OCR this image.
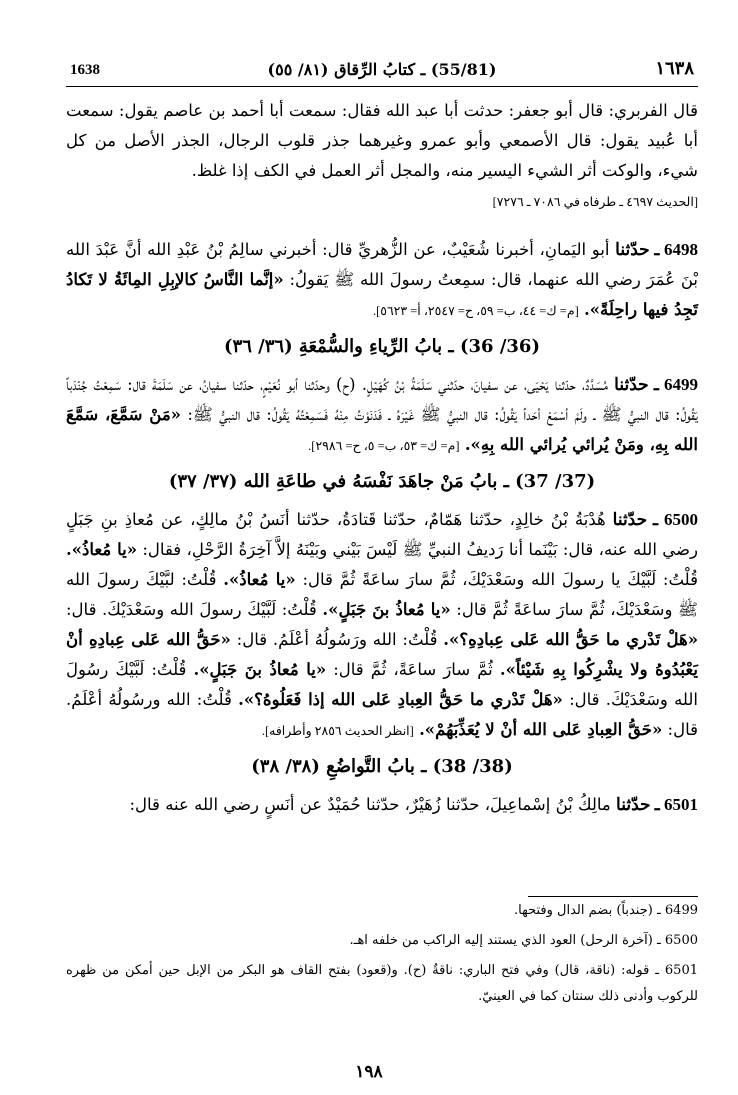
1638	(55/81) ـ كتابُ الرِّقاق (٨١/ ٥٥)	١٦٣٨

قال الفربري: قال أبو جعفر: حدثت أبا عبد الله فقال: سمعت أبا أحمد بن عاصم يقول: سمعت أبا عُبيد يقول: قال الأصمعي وأبو عمرو وغيرهما جذر قلوب الرجال، الجذر الأصل من كل شيء، والوكت أثر الشيء اليسير منه، والمجل أثر العمل في الكف إذا غلظ.
[الحديث ٤٦٩٧ ـ طرفاه في ٧٠٨٦ ـ ٧٢٧٦]

6498 ـ حدّثنا أبو اليَمانِ، أخبرنا شُعَيْبٌ، عن الزُّهريِّ قال: أخبرني سالِمُ بْنُ عَبْدِ الله أنَّ عَبْدَ الله بْنَ عُمَرَ رضي الله عنهما، قال: سمِعتُ رسولَ الله ﷺ يَقولُ: «إنَّما النَّاسُ كالإبِلِ المِائَةُ لا تَكادُ تَجِدُ فيها راحِلَةً». [م= ك= ٤٤، ب= ٥٩، ح= ٢٥٤٧، أ= ٥٦٢٣].

(36/ 36) ـ بابُ الرِّياءِ والسُّمْعَةِ (٣٦/ ٣٦)

6499 ـ حدّثنا مُسَدَّدٌ، حدّثنا يَحْيَى، عن سفيانَ، حدّثني سَلَمَةُ بْنُ كُهَيْلٍ. (ح) وحدّثنا أبو نُعَيْمٍ، حدّثنا سفيانُ، عن سَلَمَةَ قال: سَمِعْتُ جُنْدَباً يَقُولُ: قال النبيُّ ﷺ ـ ولَمْ أسْمَعْ أحَداً يَقُولُ: قال النبيُّ ﷺ غَيْرَهُ ـ فَدَنَوْتُ مِنْهُ فَسَمِعْتُهُ يَقُولُ: قال النبيُّ ﷺ: «مَنْ سَمَّعَ، سَمَّعَ الله بِهِ، ومَنْ يُرائي يُرائي الله بِهِ». [م= ك= ٥٣، ب= ٥، ح= ٢٩٨٦].

(37/ 37) ـ بابُ مَنْ جاهَدَ نَفْسَهُ في طاعَةِ الله (٣٧/ ٣٧)

6500 ـ حدّثنا هُدْبَةُ بْنُ خالِدٍ، حدّثنا هَمّامٌ، حدّثنا قَتادَةُ، حدّثنا أنَسُ بْنُ مالِكٍ، عن مُعاذِ بنِ جَبَلٍ رضي الله عنه، قال: بَيْنَما أنا رَديفُ النبيِّ ﷺ لَيْسَ بَيْني وبَيْنَهُ إلاَّ آخِرَةُ الرَّحْلِ، فقال: «يا مُعاذُ». قُلْتُ: لَبَّيْكَ يا رسولَ الله وسَعْدَيْكَ، ثُمَّ سارَ ساعَةً ثُمَّ قال: «يا مُعاذُ». قُلْتُ: لبَّيْكَ رسولَ الله ﷺ وسَعْدَيْكَ، ثُمَّ سارَ ساعَةً ثُمَّ قال: «يا مُعاذُ بنَ جَبَلٍ». قُلْتُ: لَبَّيْكَ رسولَ الله وسَعْدَيْكَ. قال: «هَلْ تَدْري ما حَقُّ الله عَلى عِبادِهِ؟». قُلْتُ: الله ورَسُولُهُ أعْلَمُ. قال: «حَقُّ الله عَلى عِبادِهِ أنْ يَعْبُدُوهُ ولا يشْرِكُوا بِهِ شَيْئاً». ثُمَّ سارَ ساعَةً، ثُمَّ قال: «يا مُعاذُ بنَ جَبَلٍ». قُلْتُ: لَبَّيْكَ رسُولَ الله وسَعْدَيْكَ. قال: «هَلْ تَدْري ما حَقُّ العِبادِ عَلى الله إذا فَعَلُوهُ؟». قُلْتُ: الله ورسُولُهُ أعْلَمُ. قال: «حَقُّ العِبادِ عَلى الله أنْ لا يُعَذِّبَهُمْ». [انظر الحديث ٢٨٥٦ وأطرافه].

(38/ 38) ـ بابُ التَّواضُعِ (٣٨/ ٣٨)

6501 ـ حدّثنا مالِكُ بْنُ إسْماعِيلَ، حدّثنا زُهَيْرٌ، حدّثنا حُمَيْدٌ عن أنَسٍ رضي الله عنه قال:

6499 ـ (جندباً) بضم الدال وفتحها.

6500 ـ (آخرة الرحل) العود الذي يستند إليه الراكب من خلفه اهـ.

6501 ـ قوله: (ناقة، قال) وفي فتح الباري: ناقةٌ (ح). و(قعود) بفتح القاف هو البكر من الإبل حين أمكن من ظهره للركوب وأدنى ذلك سنتان كما في العينيّ.

١٩٨
